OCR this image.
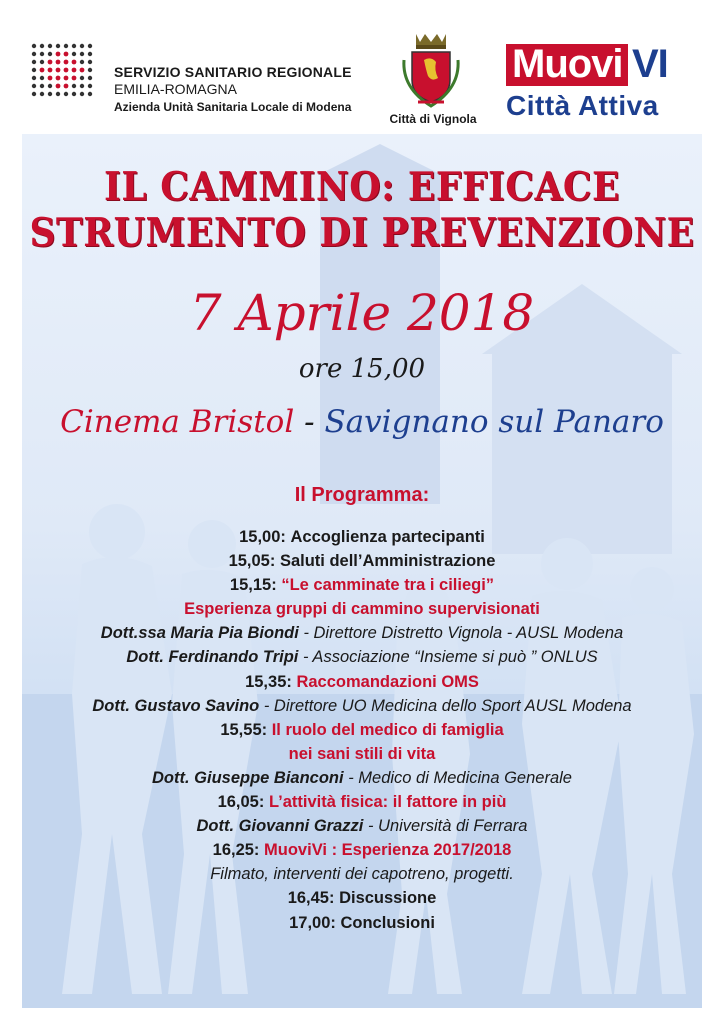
SERVIZIO SANITARIO REGIONALE
EMILIA-ROMAGNA
Azienda Unità Sanitaria Locale di Modena
Città di Vignola
Muovi VI
Città Attiva
IL CAMMINO: EFFICACE
STRUMENTO DI PREVENZIONE
7 Aprile 2018
ore 15,00
Cinema Bristol - Savignano sul Panaro
Il Programma:
15,00: Accoglienza partecipanti
15,05: Saluti dell’Amministrazione
15,15: “Le camminate tra i ciliegi”
Esperienza gruppi di cammino supervisionati
Dott.ssa Maria Pia Biondi - Direttore Distretto Vignola - AUSL Modena
Dott. Ferdinando Tripi - Associazione “Insieme si può ” ONLUS
15,35: Raccomandazioni OMS
Dott. Gustavo Savino - Direttore UO Medicina dello Sport AUSL Modena
15,55: Il ruolo del medico di famiglia
nei sani stili di vita
Dott. Giuseppe Bianconi - Medico di Medicina Generale
16,05: L’attività fisica: il fattore in più
Dott. Giovanni Grazzi - Università di Ferrara
16,25: MuoviVi : Esperienza 2017/2018
Filmato, interventi dei capotreno, progetti.
16,45: Discussione
17,00: Conclusioni
